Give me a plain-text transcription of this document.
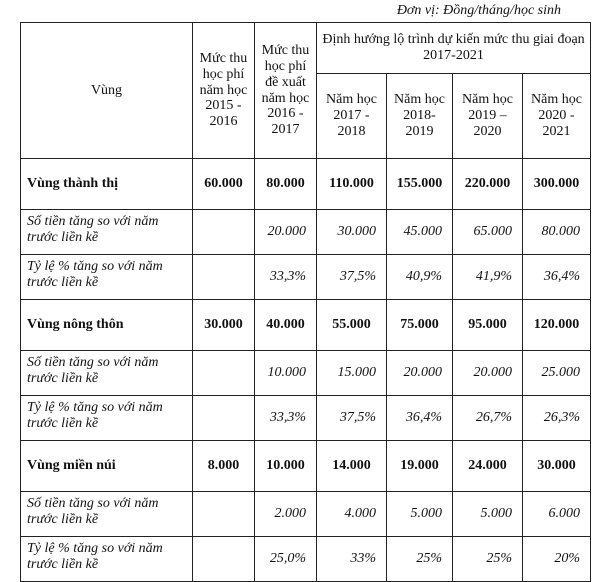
Đơn vị: Đồng/tháng/học sinh
Vùng	Mức thu học phí năm học 2015 - 2016	Mức thu học phí đề xuất năm học 2016 - 2017	Định hướng lộ trình dự kiến mức thu giai đoạn 2017-2021			
			Năm học 2017 - 2018	Năm học 2018- 2019	Năm học 2019 – 2020	Năm học 2020 - 2021
Vùng thành thị	60.000	80.000	110.000	155.000	220.000	300.000
Số tiền tăng so với năm trước liền kề		20.000	30.000	45.000	65.000	80.000
Tỷ lệ % tăng so với năm trước liền kề		33,3%	37,5%	40,9%	41,9%	36,4%
Vùng nông thôn	30.000	40.000	55.000	75.000	95.000	120.000
Số tiền tăng so với năm trước liền kề		10.000	15.000	20.000	20.000	25.000
Tỷ lệ % tăng so với năm trước liền kề		33,3%	37,5%	36,4%	26,7%	26,3%
Vùng miền núi	8.000	10.000	14.000	19.000	24.000	30.000
Số tiền tăng so với năm trước liền kề		2.000	4.000	5.000	5.000	6.000
Tỷ lệ % tăng so với năm trước liền kề		25,0%	33%	25%	25%	20%
